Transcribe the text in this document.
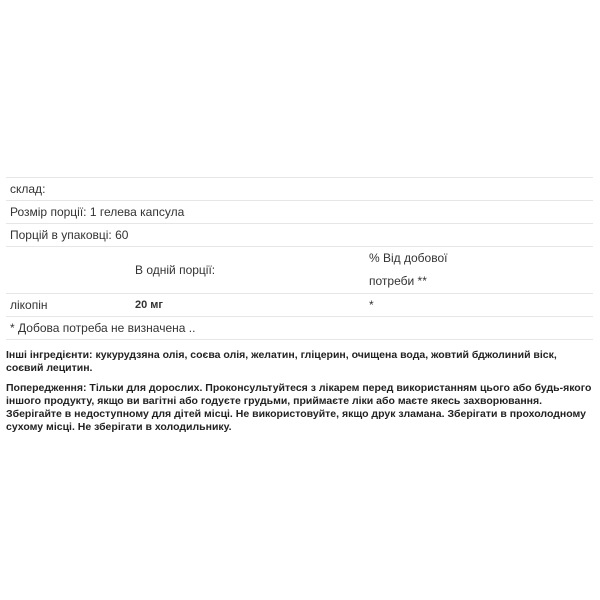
склад:		
Розмір порції: 1 гелева капсула		
Порцій в упаковці: 60		
	В одній порції:	% Від добової
потреби **

лікопін	20 мг	*
* Добова потреба не визначена ..		

Інші інгредієнти: кукурудзяна олія, соєва олія, желатин, гліцерин, очищена вода, жовтий бджолиний віск, соєвий лецитин.

Попередження: Тільки для дорослих. Проконсультуйтеся з лікарем перед використанням цього або будь-якого іншого продукту, якщо ви вагітні або годуєте грудьми, приймаєте ліки або маєте якесь захворювання. Зберігайте в недоступному для дітей місці. Не використовуйте, якщо друк зламана. Зберігати в прохолодному сухому місці. Не зберігати в холодильнику.
